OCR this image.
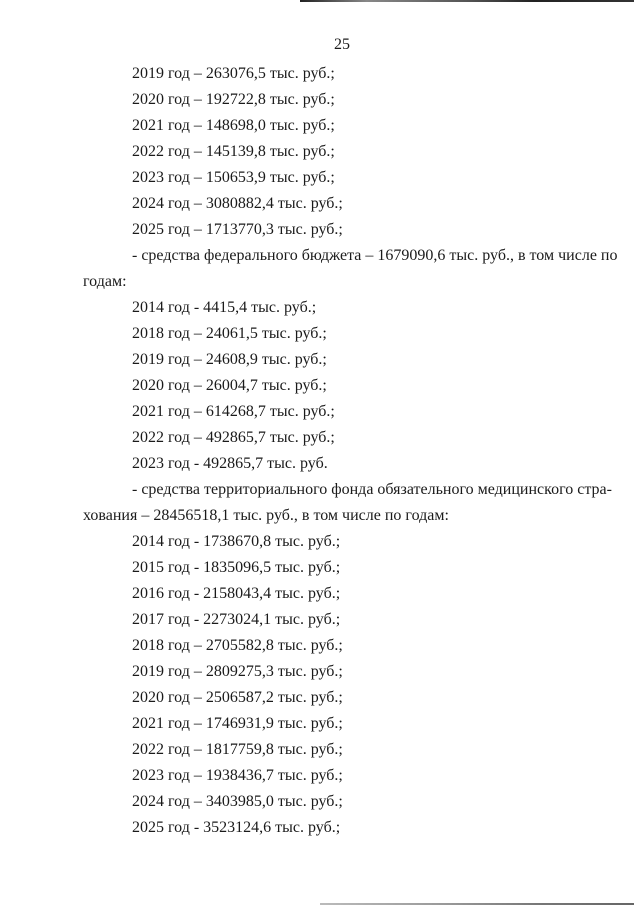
25
2019 год – 263076,5 тыс. руб.;
2020 год – 192722,8 тыс. руб.;
2021 год – 148698,0 тыс. руб.;
2022 год – 145139,8 тыс. руб.;
2023 год – 150653,9 тыс. руб.;
2024 год – 3080882,4 тыс. руб.;
2025 год – 1713770,3 тыс. руб.;
- средства федерального бюджета – 1679090,6 тыс. руб., в том числе по
годам:
2014 год - 4415,4 тыс. руб.;
2018 год – 24061,5 тыс. руб.;
2019 год – 24608,9 тыс. руб.;
2020 год – 26004,7 тыс. руб.;
2021 год – 614268,7 тыс. руб.;
2022 год – 492865,7 тыс. руб.;
2023 год - 492865,7 тыс. руб.
- средства территориального фонда обязательного медицинского стра-
хования – 28456518,1 тыс. руб., в том числе по годам:
2014 год - 1738670,8 тыс. руб.;
2015 год - 1835096,5 тыс. руб.;
2016 год - 2158043,4 тыс. руб.;
2017 год - 2273024,1 тыс. руб.;
2018 год – 2705582,8 тыс. руб.;
2019 год – 2809275,3 тыс. руб.;
2020 год – 2506587,2 тыс. руб.;
2021 год – 1746931,9 тыс. руб.;
2022 год – 1817759,8 тыс. руб.;
2023 год – 1938436,7 тыс. руб.;
2024 год – 3403985,0 тыс. руб.;
2025 год - 3523124,6 тыс. руб.;
